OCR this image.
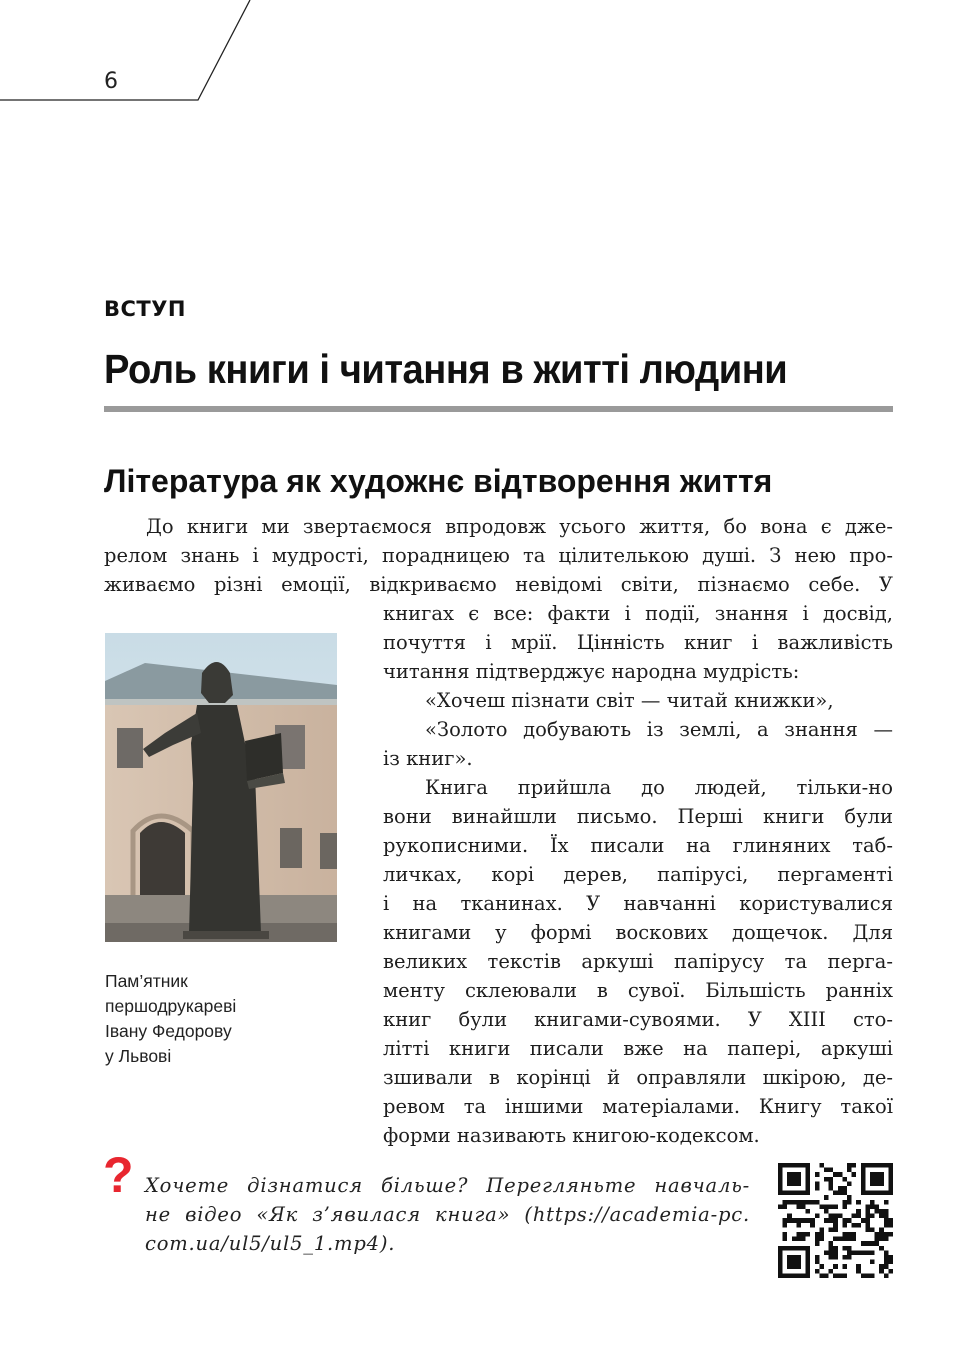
6
ВСТУП
Роль книги і читання в житті людини
Література як художнє відтворення життя
До книги ми звертаємося впродовж усього життя, бо вона є дже-
релом знань і мудрості, порадницею та цілителькою душі. З нею про-
живаємо різні емоції, відкриваємо невідомі світи, пізнаємо себе. У
Пам’ятник
першодрукареві
Івану Федорову
у Львові
книгах є все: факти і події, знання і досвід,
почуття і мрії. Цінність книг і важливість
читання підтверджує народна мудрість:
«Хочеш пізнати світ — читай книжки»,
«Золото добувають із землі, а знання —
із книг».
Книга прийшла до людей, тільки-но
вони винайшли письмо. Перші книги були
рукописними. Їх писали на глиняних таб-
личках, корі дерев, папірусі, пергаменті
і на тканинах. У навчанні користувалися
книгами у формі воскових дощечок. Для
великих текстів аркуші папірусу та перга-
менту склеювали в сувої. Більшість ранніх
книг були книгами-сувоями. У XIII сто-
літті книги писали вже на папері, аркуші
зшивали в корінці й оправляли шкірою, де-
ревом та іншими матеріалами. Книгу такої
форми називають книгою-кодексом.
? Хочете дізнатися більше? Перегляньте навчаль-
не відео «Як з’явилася книга» (https://academia-pc.
com.ua/ul5/ul5_1.mp4).
